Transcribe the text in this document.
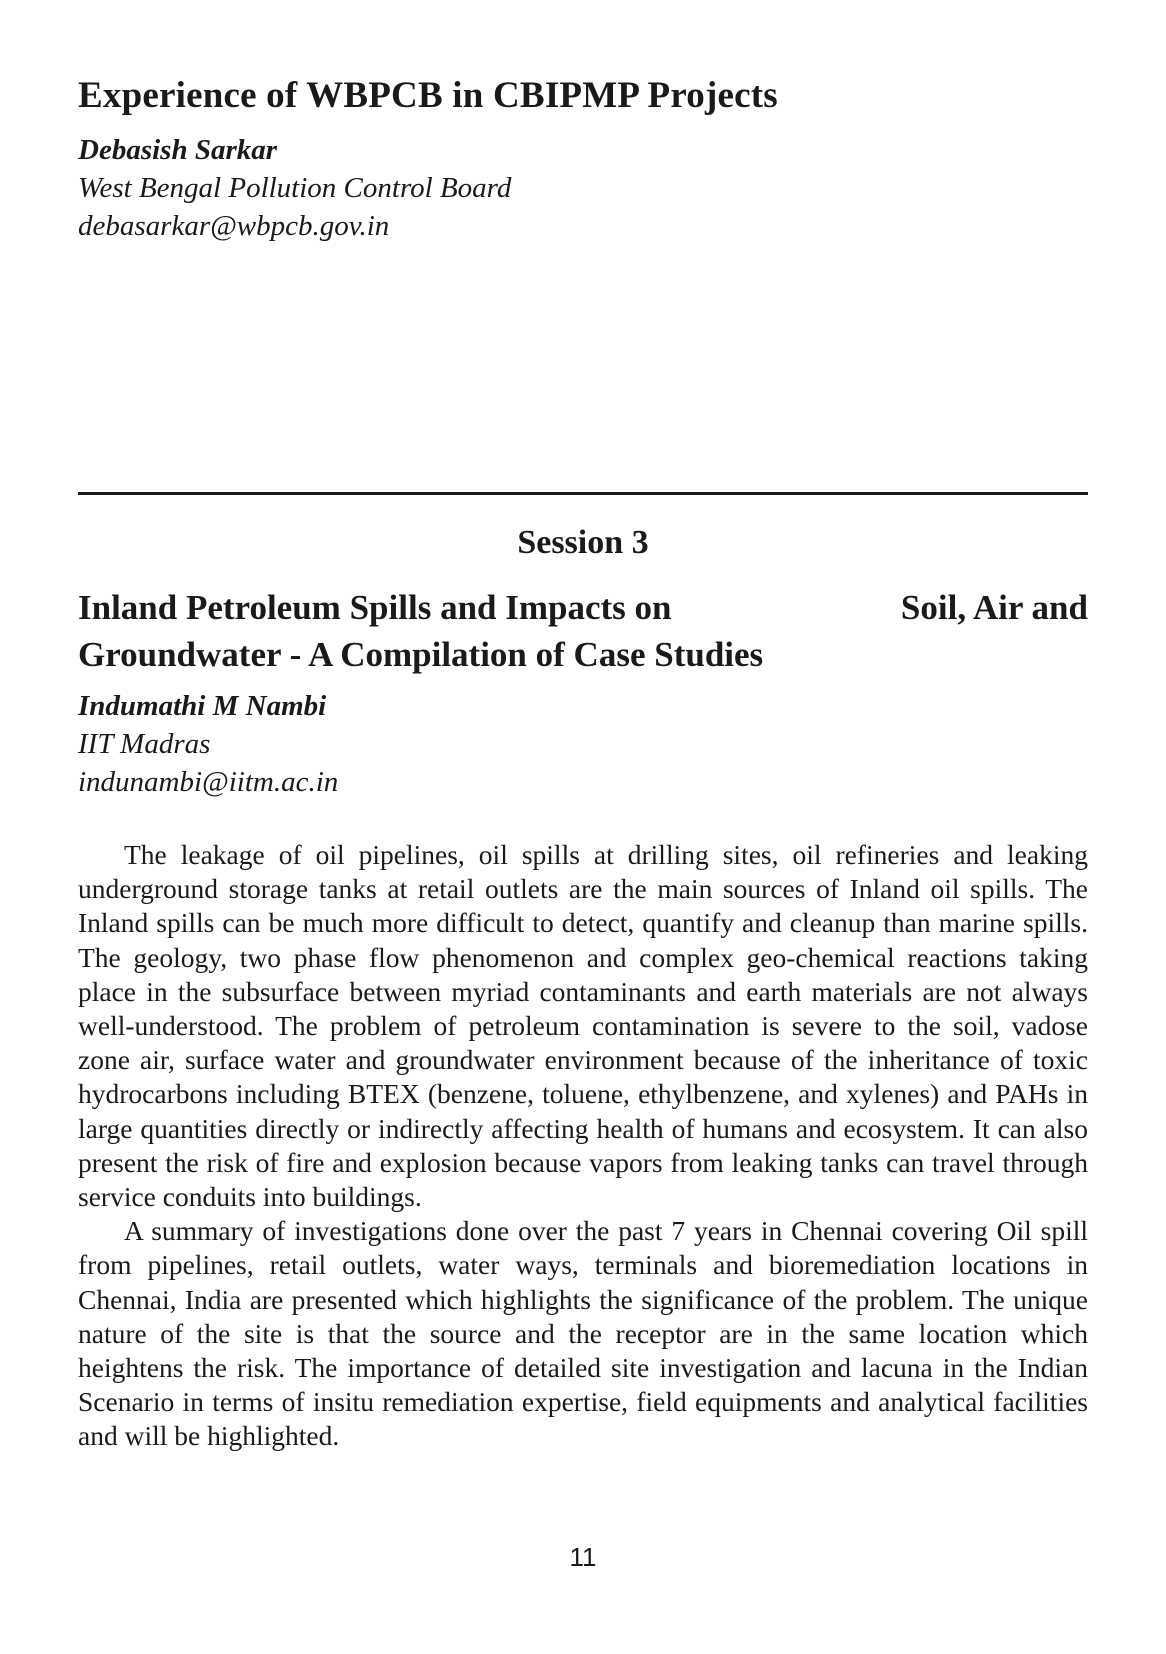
Experience of WBPCB in CBIPMP Projects
Debasish Sarkar
West Bengal Pollution Control Board
debasarkar@wbpcb.gov.in
Session 3
Inland Petroleum Spills and Impacts on	Soil, Air and
Groundwater - A Compilation of Case Studies
Indumathi M Nambi
IIT Madras
indunambi@iitm.ac.in

The leakage of oil pipelines, oil spills at drilling sites, oil refineries and leaking underground storage tanks at retail outlets are the main sources of Inland oil spills. The Inland spills can be much more difficult to detect, quantify and cleanup than marine spills. The geology, two phase flow phenomenon and complex geo-chemical reactions taking place in the subsurface between myriad contaminants and earth materials are not always well-understood. The problem of petroleum contamination is severe to the soil, vadose zone air, surface water and groundwater environment because of the inheritance of toxic hydrocarbons including BTEX (benzene, toluene, ethylbenzene, and xylenes) and PAHs in large quantities directly or indirectly affecting health of humans and ecosystem. It can also present the risk of fire and explosion because vapors from leaking tanks can travel through service conduits into buildings.

A summary of investigations done over the past 7 years in Chennai covering Oil spill from pipelines, retail outlets, water ways, terminals and bioremediation locations in Chennai, India are presented which highlights the significance of the problem. The unique nature of the site is that the source and the receptor are in the same location which heightens the risk. The importance of detailed site investigation and lacuna in the Indian Scenario in terms of insitu remediation expertise, field equipments and analytical facilities and will be highlighted.

11
